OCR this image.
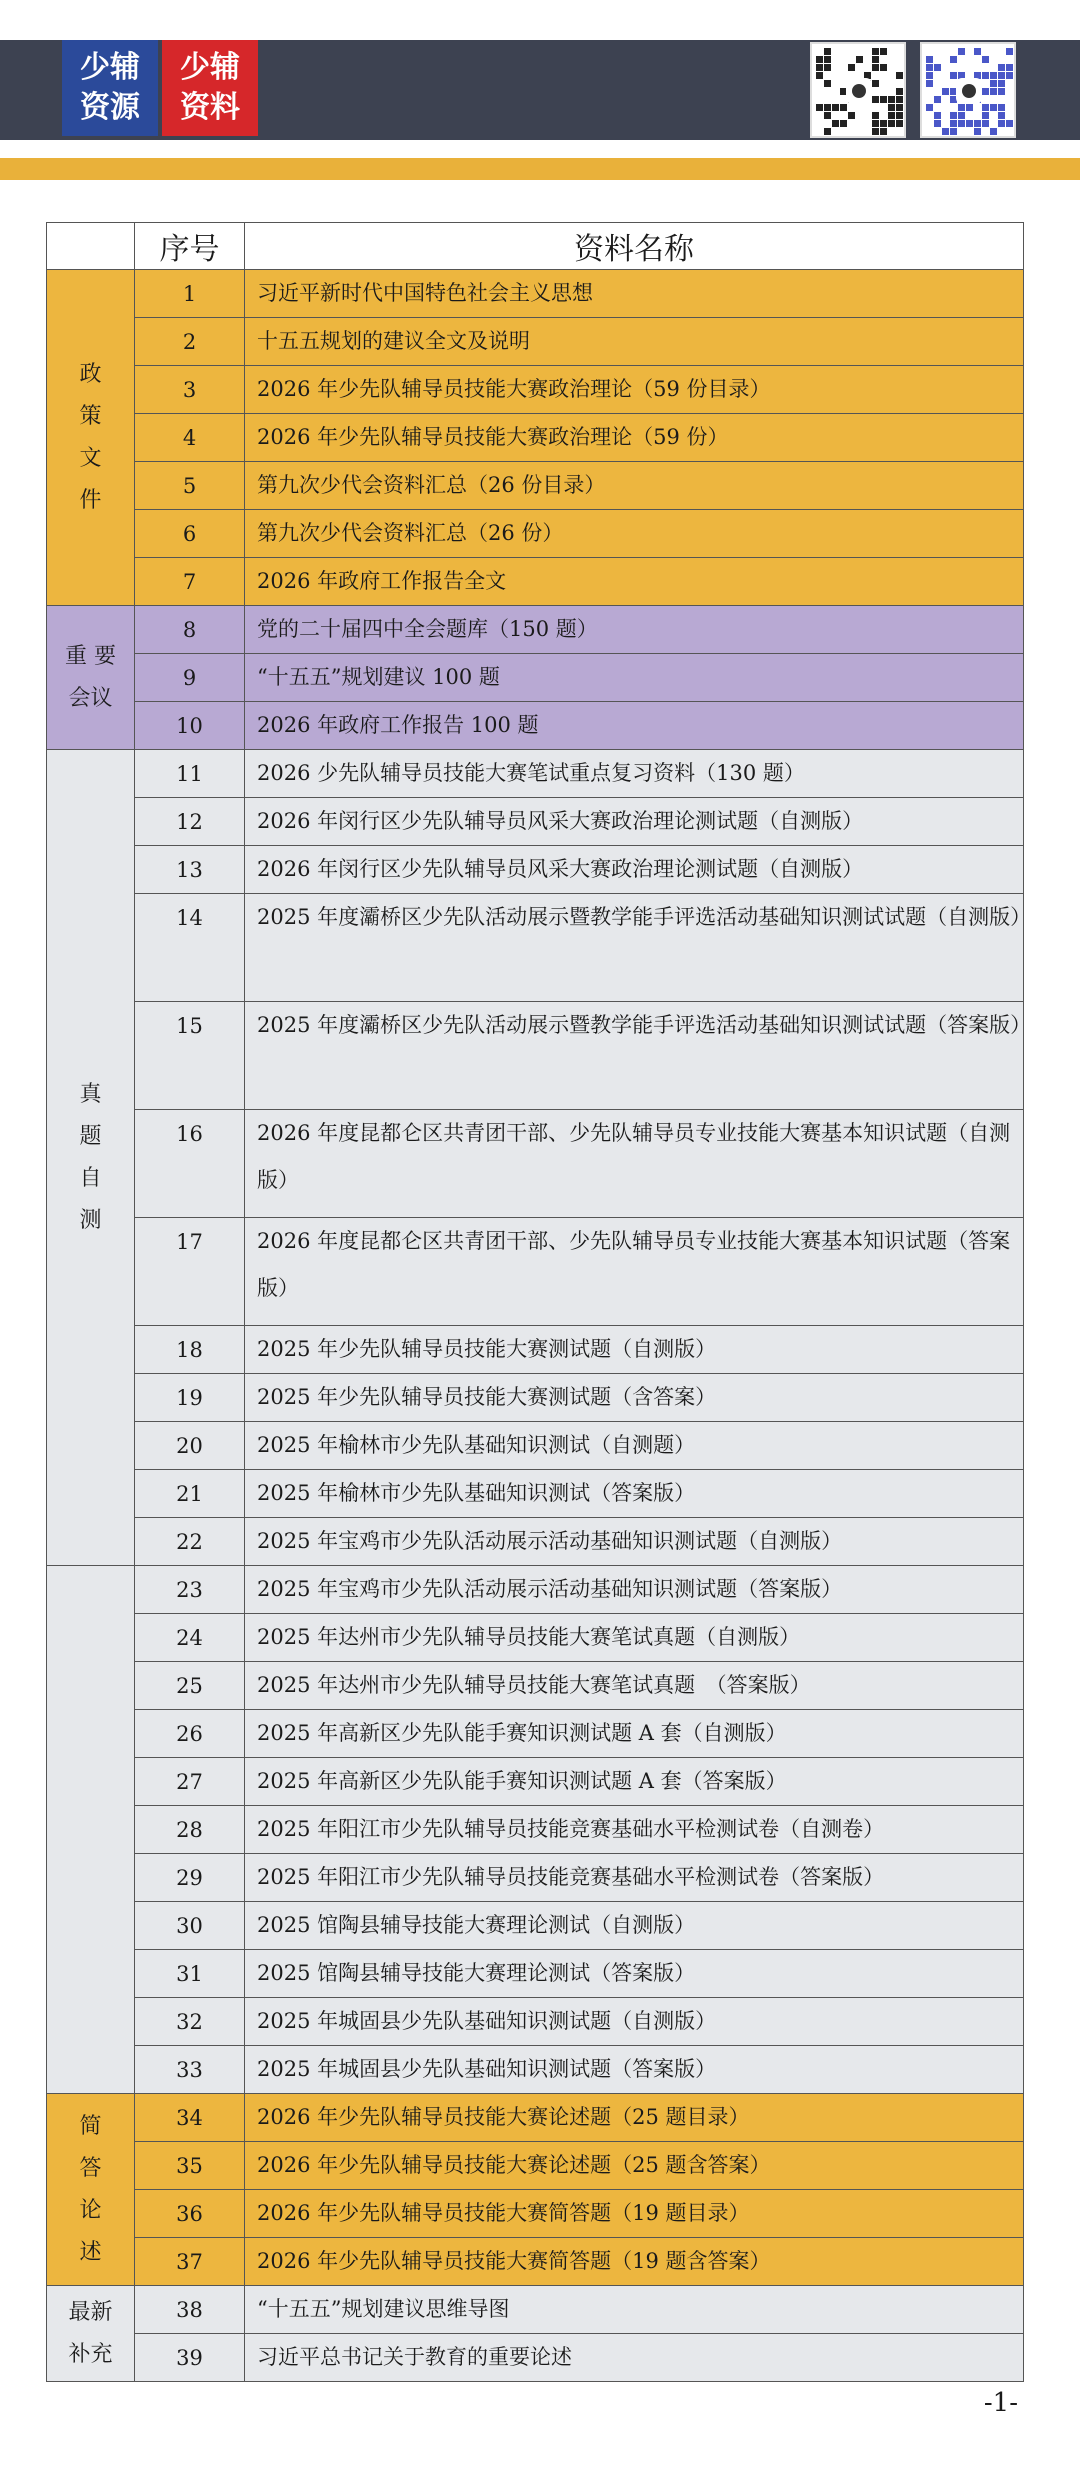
少辅
资源
少辅
资料
	序号	资料名称
政
策
文
件	1	习近平新时代中国特色社会主义思想
	2	十五五规划的建议全文及说明
	3	2026 年少先队辅导员技能大赛政治理论（59 份目录）
	4	2026 年少先队辅导员技能大赛政治理论（59 份）
	5	第九次少代会资料汇总（26 份目录）
	6	第九次少代会资料汇总（26 份）
	7	2026 年政府工作报告全文
重 要
会议	8	党的二十届四中全会题库（150 题）
	9	“十五五”规划建议 100 题
	10	2026 年政府工作报告 100 题
真
题
自
测	11	2026 少先队辅导员技能大赛笔试重点复习资料（130 题）
	12	2026 年闵行区少先队辅导员风采大赛政治理论测试题（自测版）
	13	2026 年闵行区少先队辅导员风采大赛政治理论测试题（自测版）
	14	2025 年度灞桥区少先队活动展示暨教学能手评选活动基础知识测试试题（自测版）
	15	2025 年度灞桥区少先队活动展示暨教学能手评选活动基础知识测试试题（答案版）
	16	2026 年度昆都仑区共青团干部、少先队辅导员专业技能大赛基本知识试题（自测版）
	17	2026 年度昆都仑区共青团干部、少先队辅导员专业技能大赛基本知识试题（答案版）
	18	2025 年少先队辅导员技能大赛测试题（自测版）
	19	2025 年少先队辅导员技能大赛测试题（含答案）
	20	2025 年榆林市少先队基础知识测试（自测题）
	21	2025 年榆林市少先队基础知识测试（答案版）
	22	2025 年宝鸡市少先队活动展示活动基础知识测试题（自测版）
	23	2025 年宝鸡市少先队活动展示活动基础知识测试题（答案版）
	24	2025 年达州市少先队辅导员技能大赛笔试真题（自测版）
	25	2025 年达州市少先队辅导员技能大赛笔试真题　（答案版）
	26	2025 年高新区少先队能手赛知识测试题 A 套（自测版）
	27	2025 年高新区少先队能手赛知识测试题 A 套（答案版）
	28	2025 年阳江市少先队辅导员技能竞赛基础水平检测试卷（自测卷）
	29	2025 年阳江市少先队辅导员技能竞赛基础水平检测试卷（答案版）
	30	2025 馆陶县辅导技能大赛理论测试（自测版）
	31	2025 馆陶县辅导技能大赛理论测试（答案版）
	32	2025 年城固县少先队基础知识测试题（自测版）
	33	2025 年城固县少先队基础知识测试题（答案版）
简
答
论
述	34	2026 年少先队辅导员技能大赛论述题（25 题目录）
	35	2026 年少先队辅导员技能大赛论述题（25 题含答案）
	36	2026 年少先队辅导员技能大赛简答题（19 题目录）
	37	2026 年少先队辅导员技能大赛简答题（19 题含答案）
最新
补充	38	“十五五”规划建议思维导图
	39	习近平总书记关于教育的重要论述
-1-
